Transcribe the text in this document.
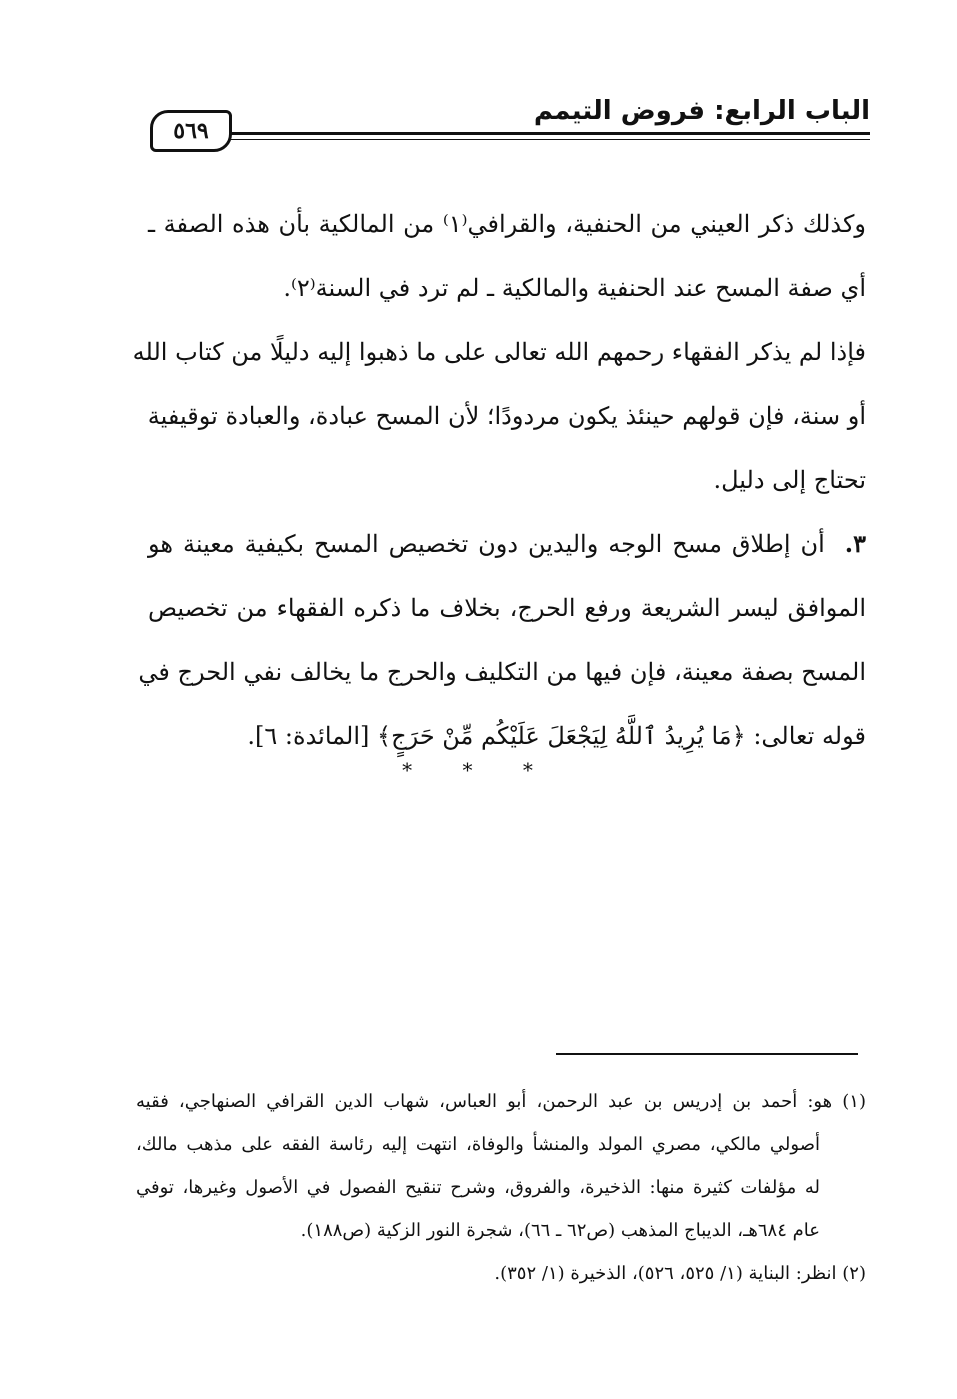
الباب الرابع: فروض التيمم
٥٦٩
وكذلك ذكر العيني من الحنفية، والقرافي⁽١⁾ من المالكية بأن هذه الصفة ـ
أي صفة المسح عند الحنفية والمالكية ـ لم ترد في السنة⁽٢⁾.
فإذا لم يذكر الفقهاء رحمهم الله تعالى على ما ذهبوا إليه دليلًا من كتاب الله
أو سنة، فإن قولهم حينئذ يكون مردودًا؛ لأن المسح عبادة، والعبادة توقيفية
تحتاج إلى دليل.
٣.أن إطلاق مسح الوجه واليدين دون تخصيص المسح بكيفية معينة هو
الموافق ليسر الشريعة ورفع الحرج، بخلاف ما ذكره الفقهاء من تخصيص
المسح بصفة معينة، فإن فيها من التكليف والحرج ما يخالف نفي الحرج في
قوله تعالى: ﴿مَا يُرِيدُ ٱللَّهُ لِيَجْعَلَ عَلَيْكُم مِّنْ حَرَجٍ﴾ [المائدة: ٦].
* * *
(١) هو: أحمد بن إدريس بن عبد الرحمن، أبو العباس، شهاب الدين القرافي الصنهاجي، فقيه
أصولي مالكي، مصري المولد والمنشأ والوفاة، انتهت إليه رئاسة الفقه على مذهب مالك،
له مؤلفات كثيرة منها: الذخيرة، والفروق، وشرح تنقيح الفصول في الأصول وغيرها، توفي
عام ٦٨٤هـ، الديباج المذهب (ص٦٢ ـ ٦٦)، شجرة النور الزكية (ص١٨٨).
(٢) انظر: البناية (١/ ٥٢٥، ٥٢٦)، الذخيرة (١/ ٣٥٢).
